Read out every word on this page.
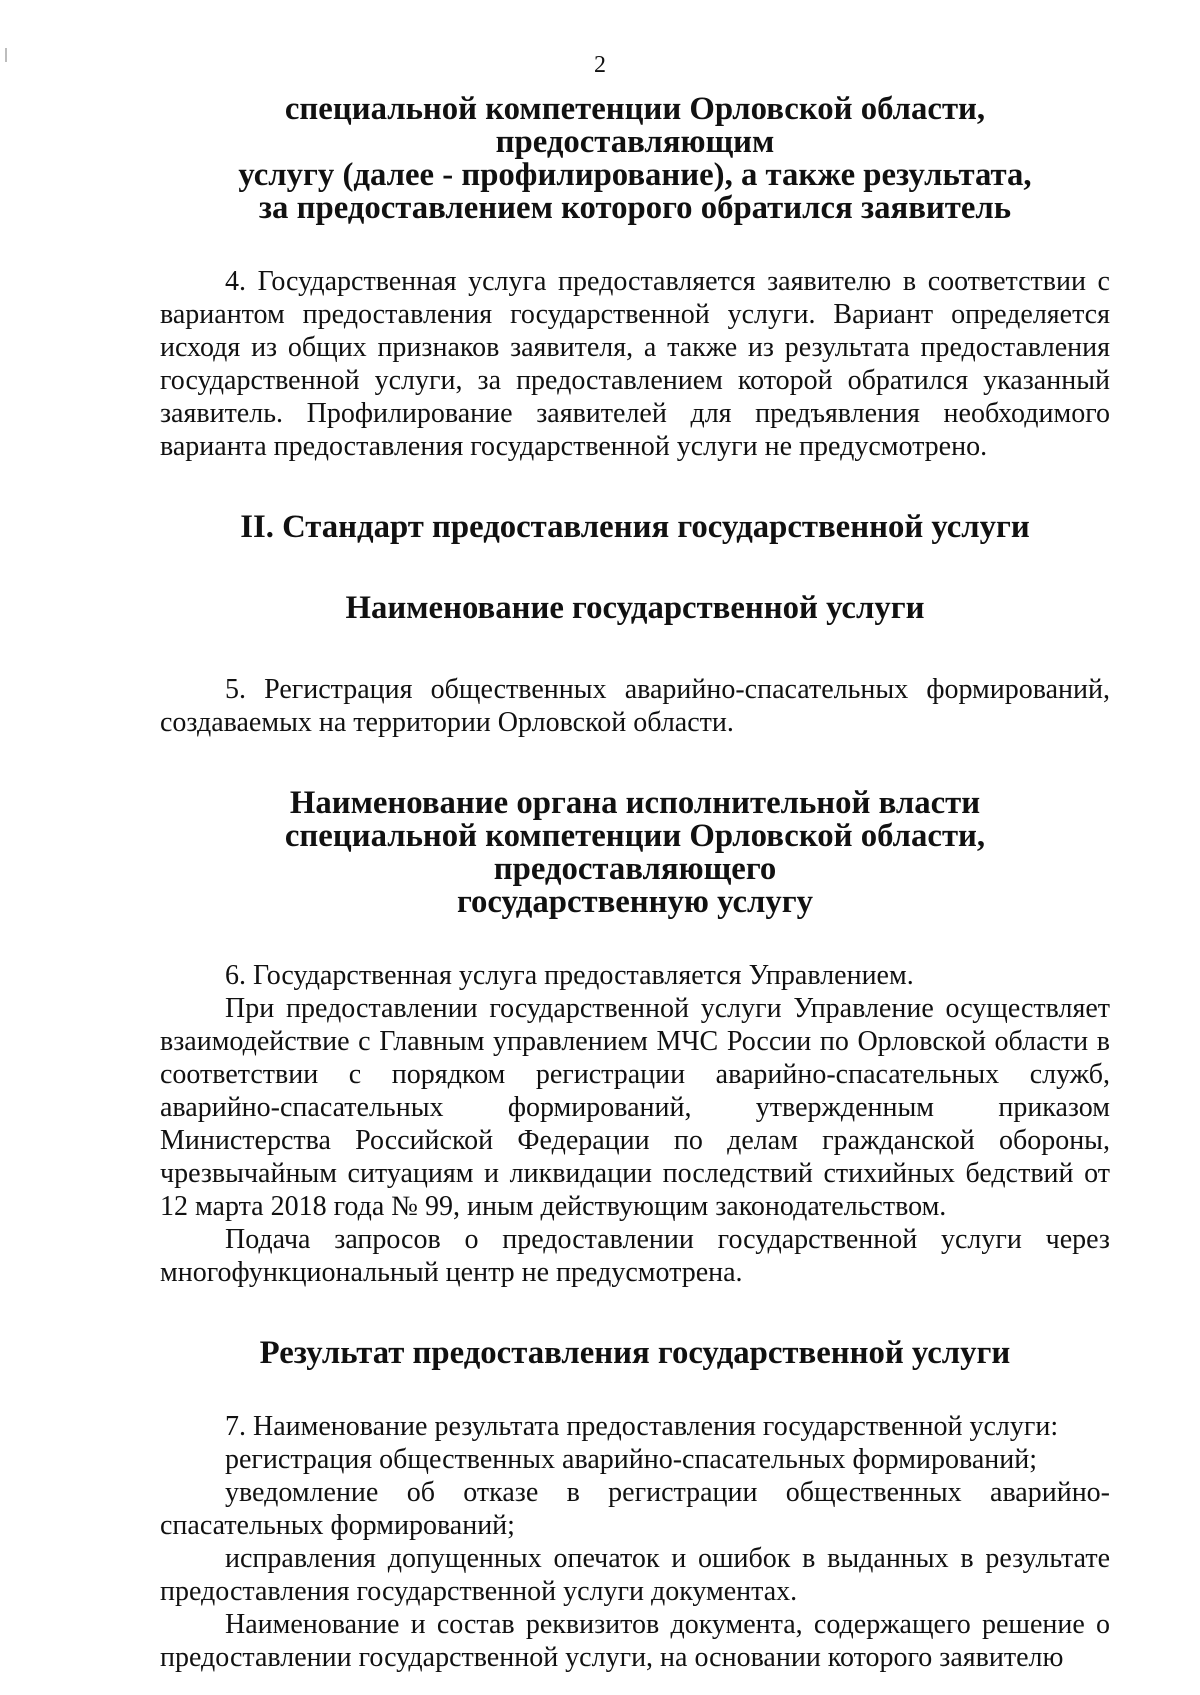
2
специальной компетенции Орловской области, предоставляющим
услугу (далее - профилирование), а также результата,
за предоставлением которого обратился заявитель

4. Государственная услуга предоставляется заявителю в соответствии с вариантом предоставления государственной услуги. Вариант определяется исходя из общих признаков заявителя, а также из результата предоставления государственной услуги, за предоставлением которой обратился указанный заявитель. Профилирование заявителей для предъявления необходимого варианта предоставления государственной услуги не предусмотрено.

II. Стандарт предоставления государственной услуги
Наименование государственной услуги

5. Регистрация общественных аварийно-спасательных формирований, создаваемых на территории Орловской области.

Наименование органа исполнительной власти
специальной компетенции Орловской области, предоставляющего
государственную услугу

6. Государственная услуга предоставляется Управлением.

При предоставлении государственной услуги Управление осуществляет взаимодействие с Главным управлением МЧС России по Орловской области в соответствии с порядком регистрации аварийно-спасательных служб, аварийно-спасательных формирований, утвержденным приказом Министерства Российской Федерации по делам гражданской обороны, чрезвычайным ситуациям и ликвидации последствий стихийных бедствий от 12 марта 2018 года № 99, иным действующим законодательством.

Подача запросов о предоставлении государственной услуги через многофункциональный центр не предусмотрена.

Результат предоставления государственной услуги

7. Наименование результата предоставления государственной услуги:

регистрация общественных аварийно-спасательных формирований;

уведомление об отказе в регистрации общественных аварийно-спасательных формирований;

исправления допущенных опечаток и ошибок в выданных в результате предоставления государственной услуги документах.

Наименование и состав реквизитов документа, содержащего решение о предоставлении государственной услуги, на основании которого заявителю
